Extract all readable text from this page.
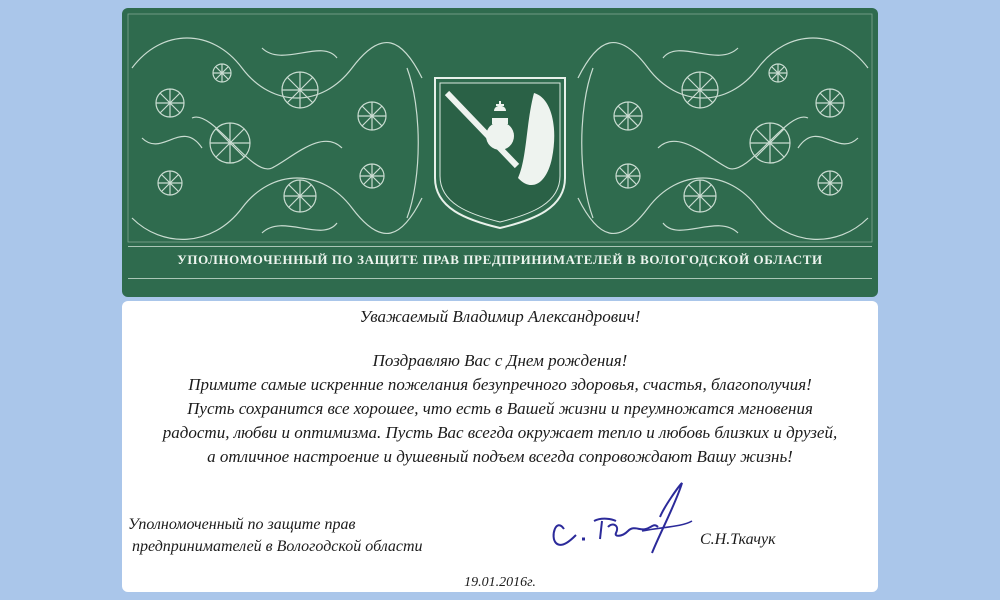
УПОЛНОМОЧЕННЫЙ ПО ЗАЩИТЕ ПРАВ ПРЕДПРИНИМАТЕЛЕЙ В ВОЛОГОДСКОЙ ОБЛАСТИ
Уважаемый Владимир Александрович!
Поздравляю Вас с Днем рождения!
Примите самые искренние пожелания безупречного здоровья, счастья, благополучия!
Пусть сохранится все хорошее, что есть в Вашей жизни и преумножатся мгновения
радости, любви и оптимизма. Пусть Вас всегда окружает тепло и любовь близких и друзей,
а отличное настроение и душевный подъем всегда сопровождают Вашу жизнь!
Уполномоченный по защите прав
предпринимателей в Вологодской области	С.Н.Ткачук
19.01.2016г.
